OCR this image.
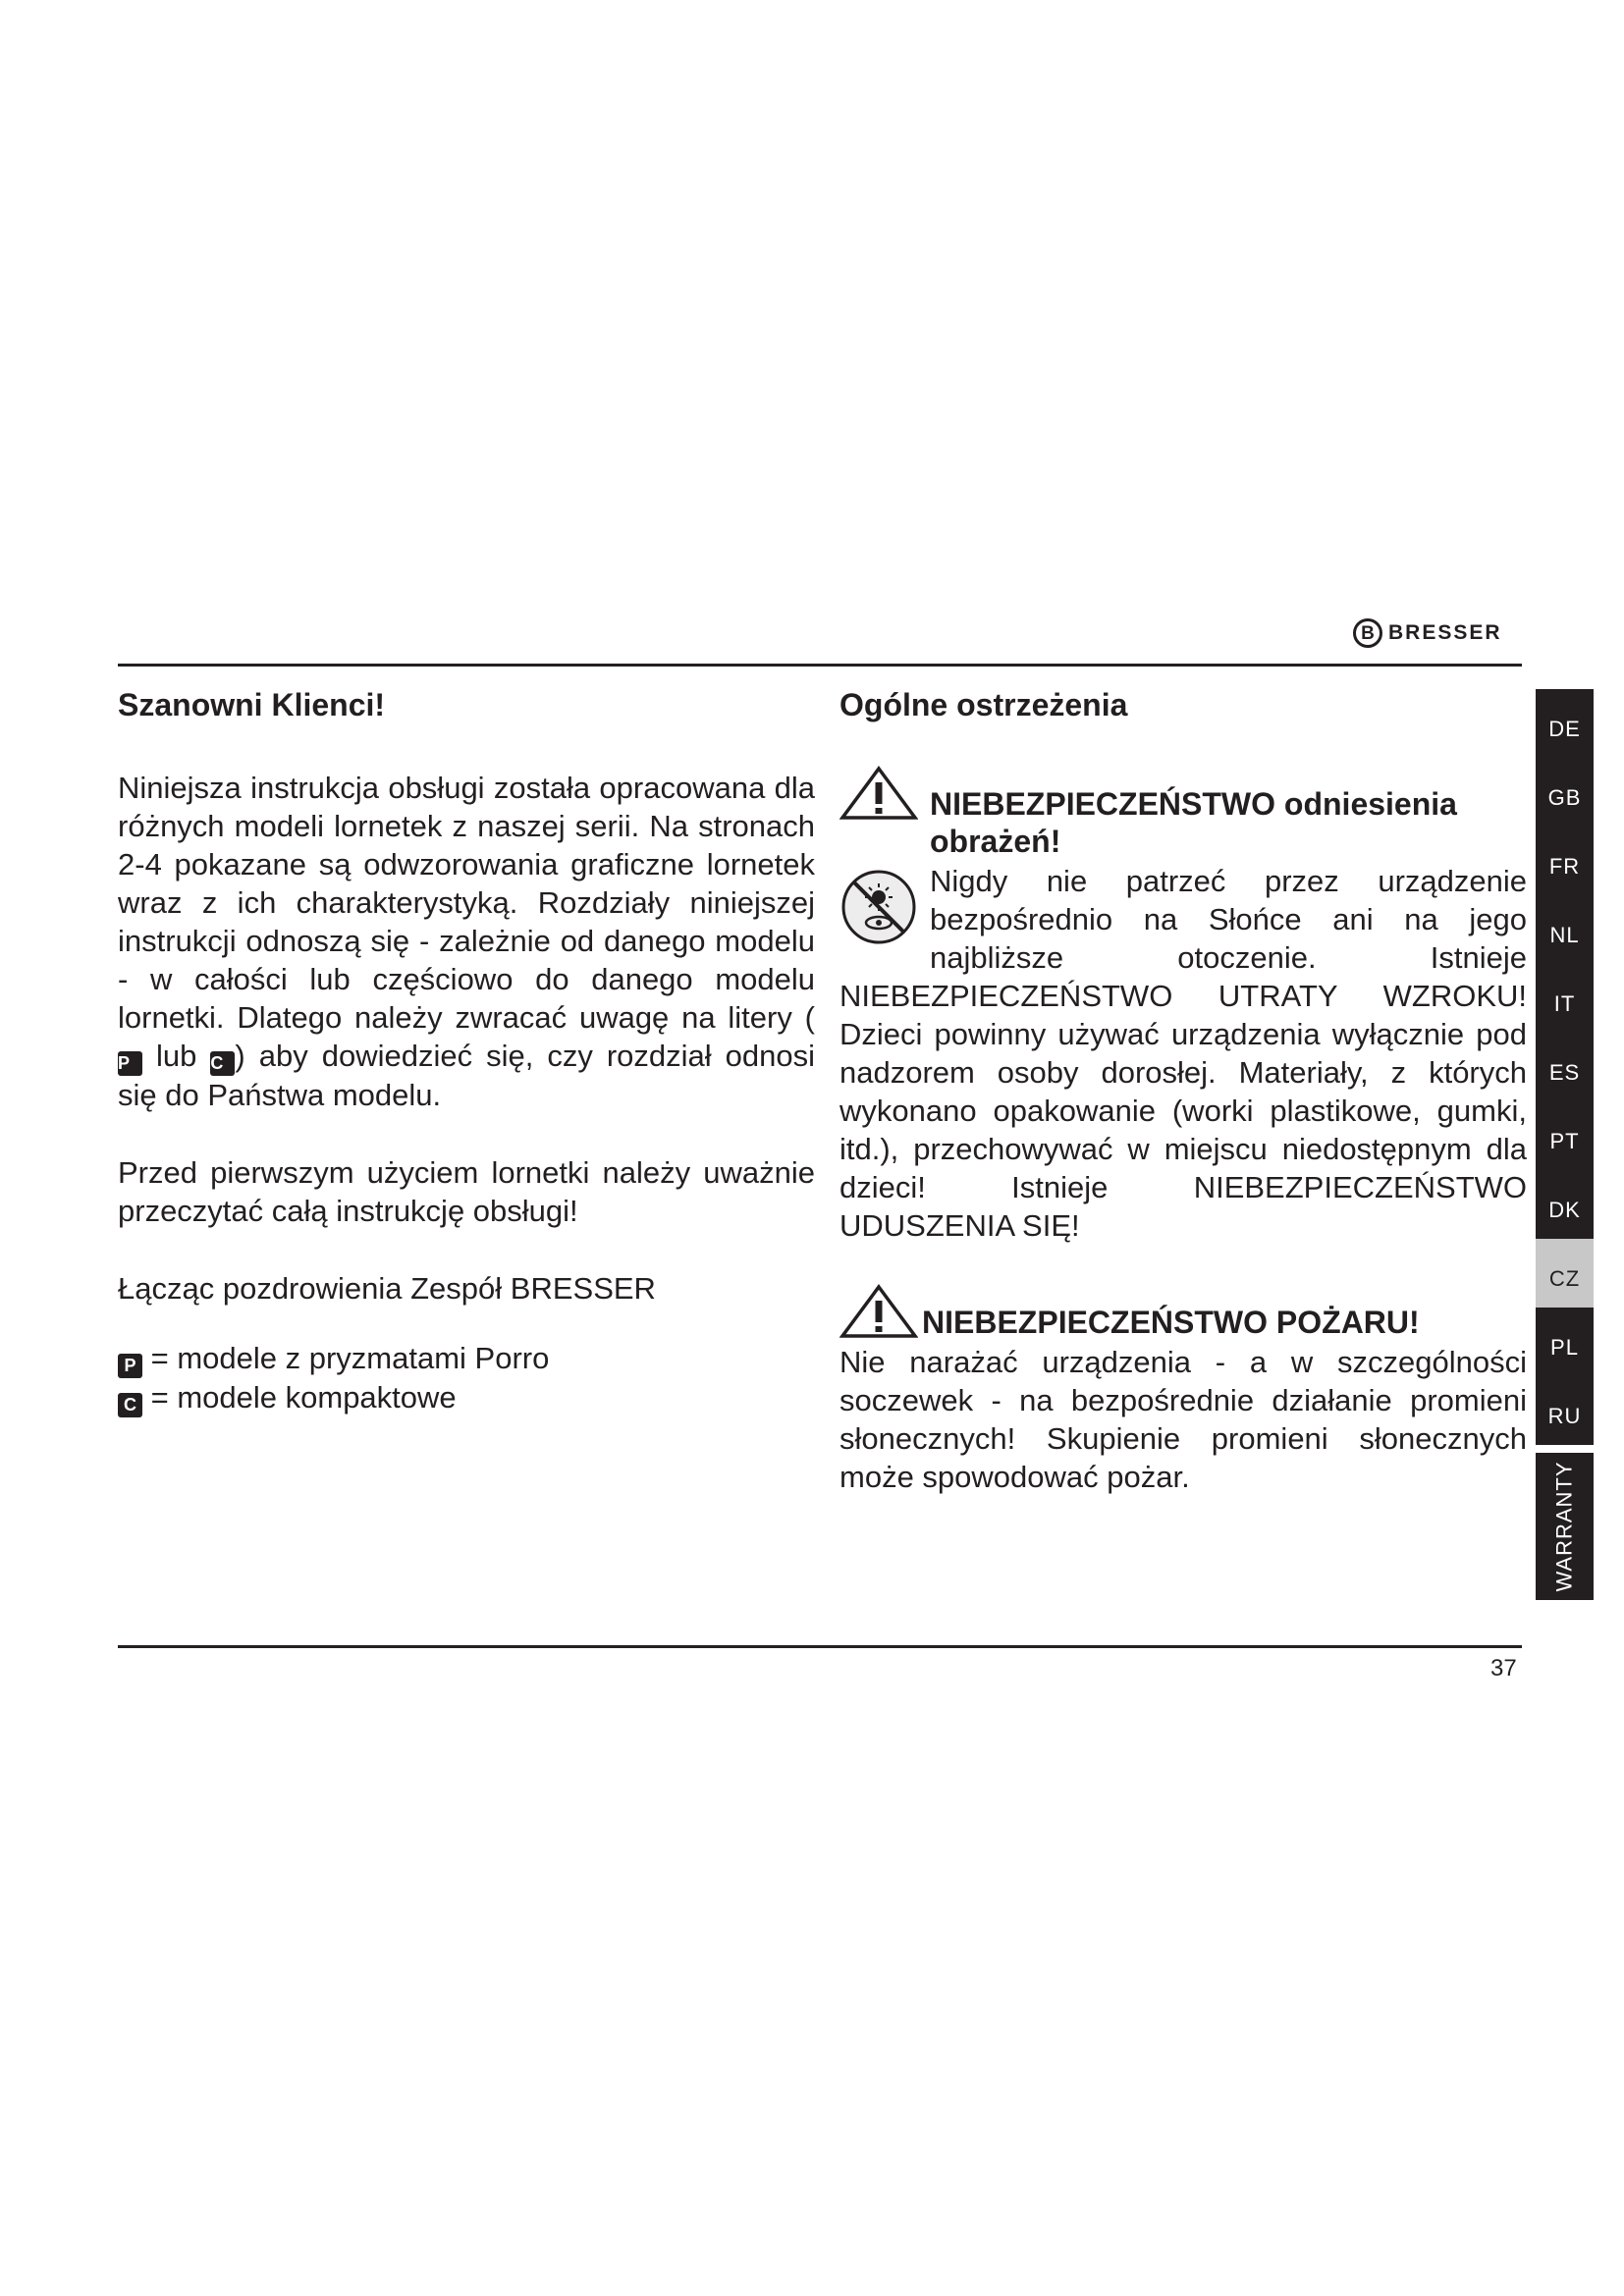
B BRESSER
Szanowni Klienci!

Niniejsza instrukcja obsługi została opracowana dla różnych modeli lornetek z naszej serii. Na stronach 2-4 pokazane są odwzorowania graficzne lornetek wraz z ich charakterystyką. Rozdziały niniejszej instrukcji odnoszą się - zależnie od danego modelu - w całości lub częściowo do danego modelu lornetki. Dlatego należy zwracać uwagę na litery ( P lub C ) aby dowiedzieć się, czy rozdział odnosi się do Państwa modelu.

Przed pierwszym użyciem lornetki należy uważnie przeczytać całą instrukcję obsługi!

Łącząc pozdrowienia Zespół BRESSER

P = modele z pryzmatami Porro
C = modele kompaktowe
Ogólne ostrzeżenia
NIEBEZPIECZEŃSTWO odniesienia obrażeń!
Nigdy nie patrzeć przez urządzenie bezpośrednio na Słońce ani na jego najbliższe otoczenie. Istnieje NIEBEZPIECZEŃSTWO UTRATY WZROKU! Dzieci powinny używać urządzenia wyłącznie pod nadzorem osoby dorosłej. Materiały, z których wykonano opakowanie (worki plastikowe, gumki, itd.), przechowywać w miejscu niedostępnym dla dzieci! Istnieje NIEBEZPIECZEŃSTWO UDUSZENIA SIĘ!
NIEBEZPIECZEŃSTWO POŻARU!

Nie narażać urządzenia - a w szczególności soczewek - na bezpośrednie działanie promieni słonecznych! Skupienie promieni słonecznych może spowodować pożar.

DE
GB
FR
NL
IT
ES
PT
DK
CZ
PL
RU
WARRANTY
37
